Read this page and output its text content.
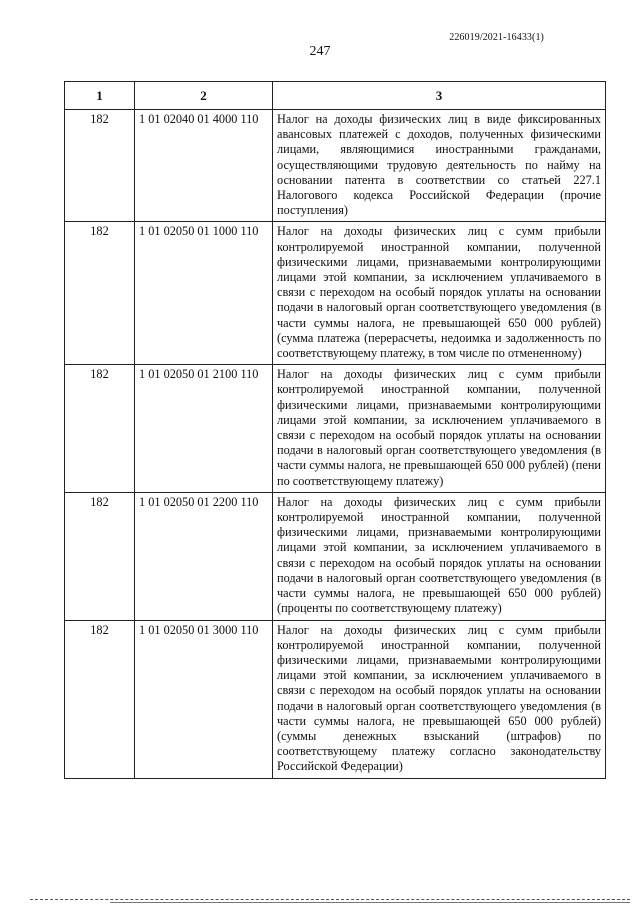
226019/2021-16433(1)
247
1	2	3
182	1 01 02040 01 4000 110	Налог на доходы физических лиц в виде фиксированных авансовых платежей с доходов, полученных физическими лицами, являющимися иностранными гражданами, осуществляющими трудовую деятельность по найму на основании патента в соответствии со статьей 227.1 Налогового кодекса Российской Федерации (прочие поступления)
182	1 01 02050 01 1000 110	Налог на доходы физических лиц с сумм прибыли контролируемой иностранной компании, полученной физическими лицами, признаваемыми контролирующими лицами этой компании, за исключением уплачиваемого в связи с переходом на особый порядок уплаты на основании подачи в налоговый орган соответствующего уведомления (в части суммы налога, не превышающей 650 000 рублей) (сумма платежа (перерасчеты, недоимка и задолженность по соответствующему платежу, в том числе по отмененному)
182	1 01 02050 01 2100 110	Налог на доходы физических лиц с сумм прибыли контролируемой иностранной компании, полученной физическими лицами, признаваемыми контролирующими лицами этой компании, за исключением уплачиваемого в связи с переходом на особый порядок уплаты на основании подачи в налоговый орган соответствующего уведомления (в части суммы налога, не превышающей 650 000 рублей) (пени по соответствующему платежу)
182	1 01 02050 01 2200 110	Налог на доходы физических лиц с сумм прибыли контролируемой иностранной компании, полученной физическими лицами, признаваемыми контролирующими лицами этой компании, за исключением уплачиваемого в связи с переходом на особый порядок уплаты на основании подачи в налоговый орган соответствующего уведомления (в части суммы налога, не превышающей 650 000 рублей) (проценты по соответствующему платежу)
182	1 01 02050 01 3000 110	Налог на доходы физических лиц с сумм прибыли контролируемой иностранной компании, полученной физическими лицами, признаваемыми контролирующими лицами этой компании, за исключением уплачиваемого в связи с переходом на особый порядок уплаты на основании подачи в налоговый орган соответствующего уведомления (в части суммы налога, не превышающей 650 000 рублей) (суммы денежных взысканий (штрафов) по соответствующему платежу согласно законодательству Российской Федерации)
